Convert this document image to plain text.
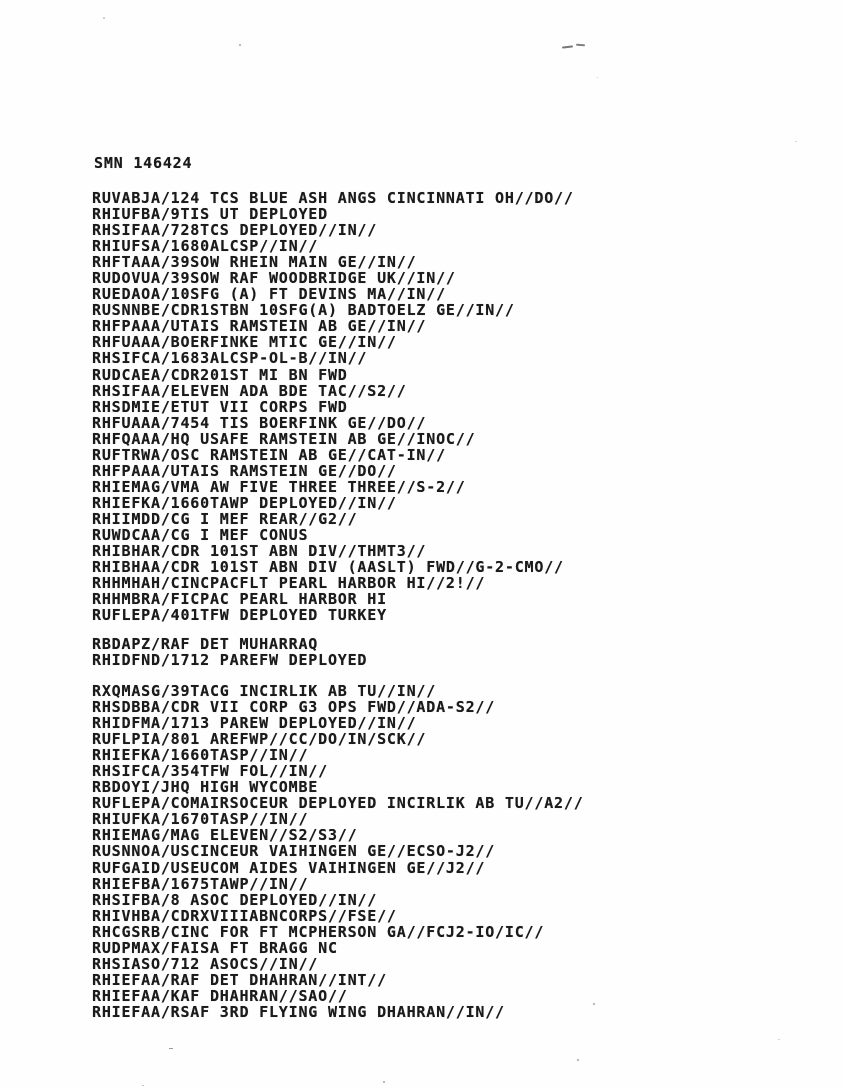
SMN 146424
RUVABJA/124 TCS BLUE ASH ANGS CINCINNATI OH//DO//
RHIUFBA/9TIS UT DEPLOYED
RHSIFAA/728TCS DEPLOYED//IN//
RHIUFSA/1680ALCSP//IN//
RHFTAAA/39SOW RHEIN MAIN GE//IN//
RUDOVUA/39SOW RAF WOODBRIDGE UK//IN//
RUEDAOA/10SFG (A) FT DEVINS MA//IN//
RUSNNBE/CDR1STBN 10SFG(A) BADTOELZ GE//IN//
RHFPAAA/UTAIS RAMSTEIN AB GE//IN//
RHFUAAA/BOERFINKE MTIC GE//IN//
RHSIFCA/1683ALCSP-OL-B//IN//
RUDCAEA/CDR201ST MI BN FWD
RHSIFAA/ELEVEN ADA BDE TAC//S2//
RHSDMIE/ETUT VII CORPS FWD
RHFUAAA/7454 TIS BOERFINK GE//DO//
RHFQAAA/HQ USAFE RAMSTEIN AB GE//INOC//
RUFTRWA/OSC RAMSTEIN AB GE//CAT-IN//
RHFPAAA/UTAIS RAMSTEIN GE//DO//
RHIEMAG/VMA AW FIVE THREE THREE//S-2//
RHIEFKA/1660TAWP DEPLOYED//IN//
RHIIMDD/CG I MEF REAR//G2//
RUWDCAA/CG I MEF CONUS
RHIBHAR/CDR 101ST ABN DIV//THMT3//
RHIBHAA/CDR 101ST ABN DIV (AASLT) FWD//G-2-CMO//
RHHMHAH/CINCPACFLT PEARL HARBOR HI//2!//
RHHMBRA/FICPAC PEARL HARBOR HI
RUFLEPA/401TFW DEPLOYED TURKEY
RBDAPZ/RAF DET MUHARRAQ
RHIDFND/1712 PAREFW DEPLOYED
RXQMASG/39TACG INCIRLIK AB TU//IN//
RHSDBBA/CDR VII CORP G3 OPS FWD//ADA-S2//
RHIDFMA/1713 PAREW DEPLOYED//IN//
RUFLPIA/801 AREFWP//CC/DO/IN/SCK//
RHIEFKA/1660TASP//IN//
RHSIFCA/354TFW FOL//IN//
RBDOYI/JHQ HIGH WYCOMBE
RUFLEPA/COMAIRSOCEUR DEPLOYED INCIRLIK AB TU//A2//
RHIUFKA/1670TASP//IN//
RHIEMAG/MAG ELEVEN//S2/S3//
RUSNNOA/USCINCEUR VAIHINGEN GE//ECSO-J2//
RUFGAID/USEUCOM AIDES VAIHINGEN GE//J2//
RHIEFBA/1675TAWP//IN//
RHSIFBA/8 ASOC DEPLOYED//IN//
RHIVHBA/CDRXVIIIABNCORPS//FSE//
RHCGSRB/CINC FOR FT MCPHERSON GA//FCJ2-IO/IC//
RUDPMAX/FAISA FT BRAGG NC
RHSIASO/712 ASOCS//IN//
RHIEFAA/RAF DET DHAHRAN//INT//
RHIEFAA/KAF DHAHRAN//SAO//
RHIEFAA/RSAF 3RD FLYING WING DHAHRAN//IN//
